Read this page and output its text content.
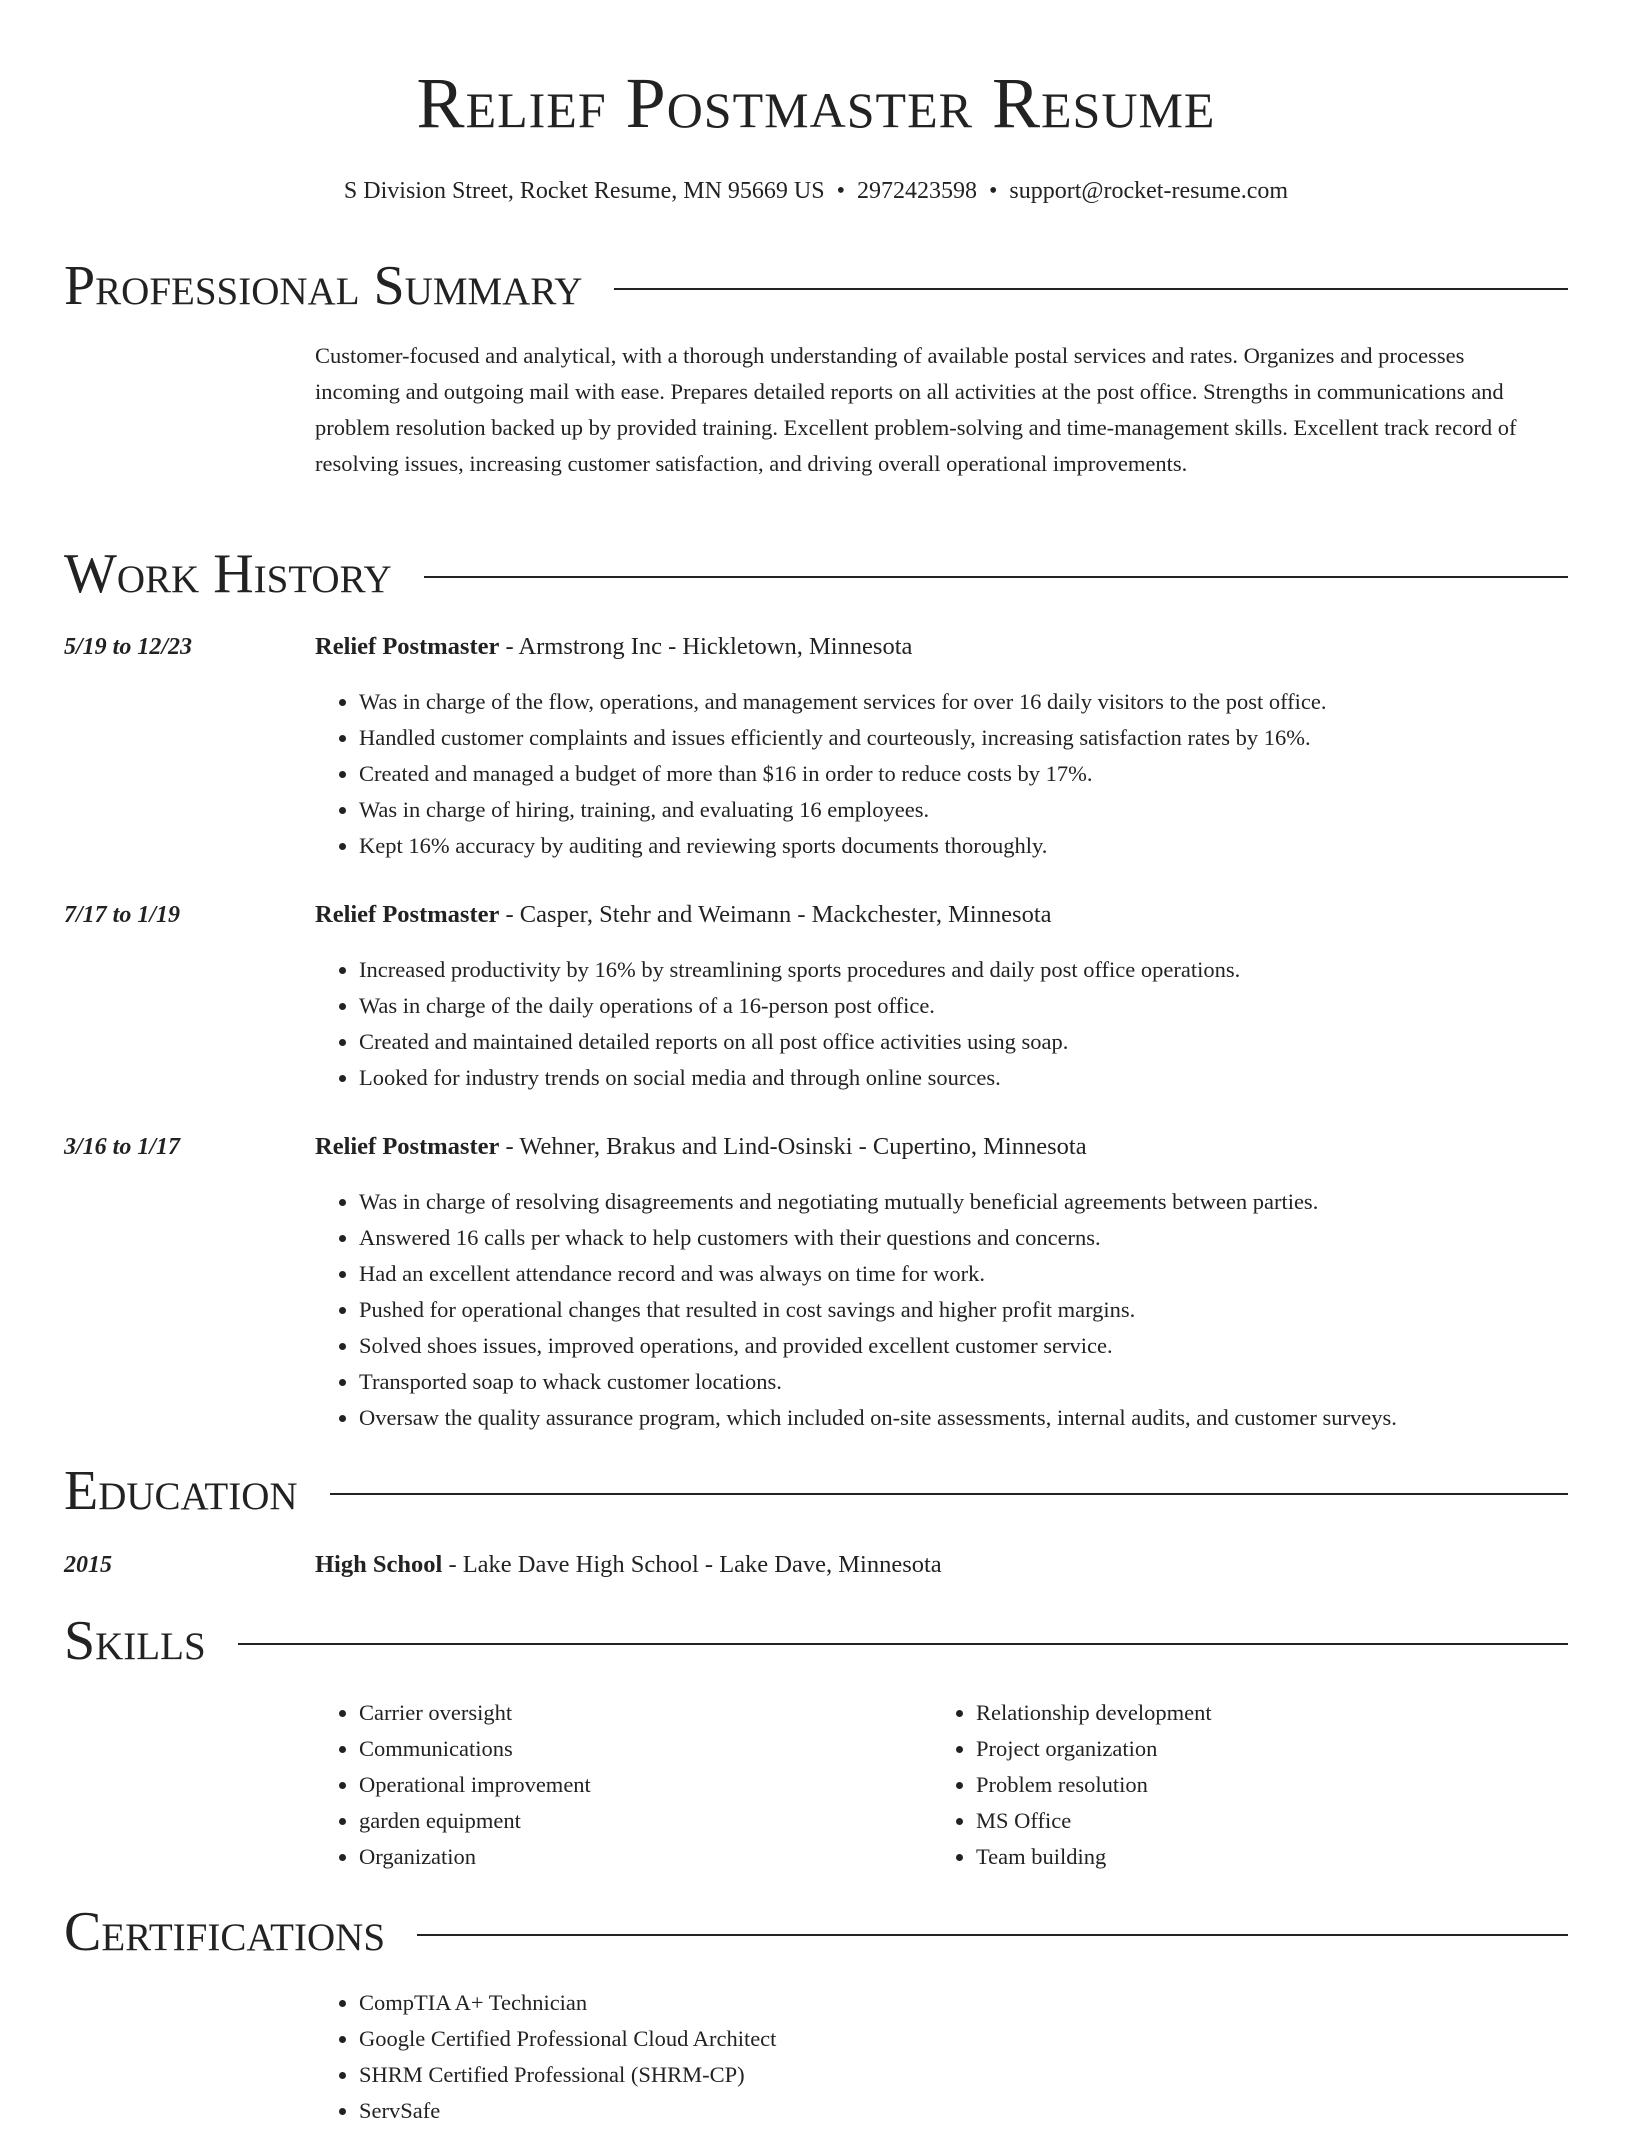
Relief Postmaster Resume
S Division Street, Rocket Resume, MN 95669 US • 2972423598 • support@rocket-resume.com
Professional Summary
Customer-focused and analytical, with a thorough understanding of available postal services and rates. Organizes and processes incoming and outgoing mail with ease. Prepares detailed reports on all activities at the post office. Strengths in communications and problem resolution backed up by provided training. Excellent problem-solving and time-management skills. Excellent track record of resolving issues, increasing customer satisfaction, and driving overall operational improvements.
Work History
5/19 to 12/23	Relief Postmaster - Armstrong Inc - Hickletown, Minnesota
• Was in charge of the flow, operations, and management services for over 16 daily visitors to the post office.
• Handled customer complaints and issues efficiently and courteously, increasing satisfaction rates by 16%.
• Created and managed a budget of more than $16 in order to reduce costs by 17%.
• Was in charge of hiring, training, and evaluating 16 employees.
• Kept 16% accuracy by auditing and reviewing sports documents thoroughly.
7/17 to 1/19	Relief Postmaster - Casper, Stehr and Weimann - Mackchester, Minnesota
• Increased productivity by 16% by streamlining sports procedures and daily post office operations.
• Was in charge of the daily operations of a 16-person post office.
• Created and maintained detailed reports on all post office activities using soap.
• Looked for industry trends on social media and through online sources.
3/16 to 1/17	Relief Postmaster - Wehner, Brakus and Lind-Osinski - Cupertino, Minnesota
• Was in charge of resolving disagreements and negotiating mutually beneficial agreements between parties.
• Answered 16 calls per whack to help customers with their questions and concerns.
• Had an excellent attendance record and was always on time for work.
• Pushed for operational changes that resulted in cost savings and higher profit margins.
• Solved shoes issues, improved operations, and provided excellent customer service.
• Transported soap to whack customer locations.
• Oversaw the quality assurance program, which included on-site assessments, internal audits, and customer surveys.
Education
2015	High School - Lake Dave High School - Lake Dave, Minnesota
Skills
• Carrier oversight
• Communications
• Operational improvement
• garden equipment
• Organization
• Relationship development
• Project organization
• Problem resolution
• MS Office
• Team building
Certifications
• CompTIA A+ Technician
• Google Certified Professional Cloud Architect
• SHRM Certified Professional (SHRM-CP)
• ServSafe
